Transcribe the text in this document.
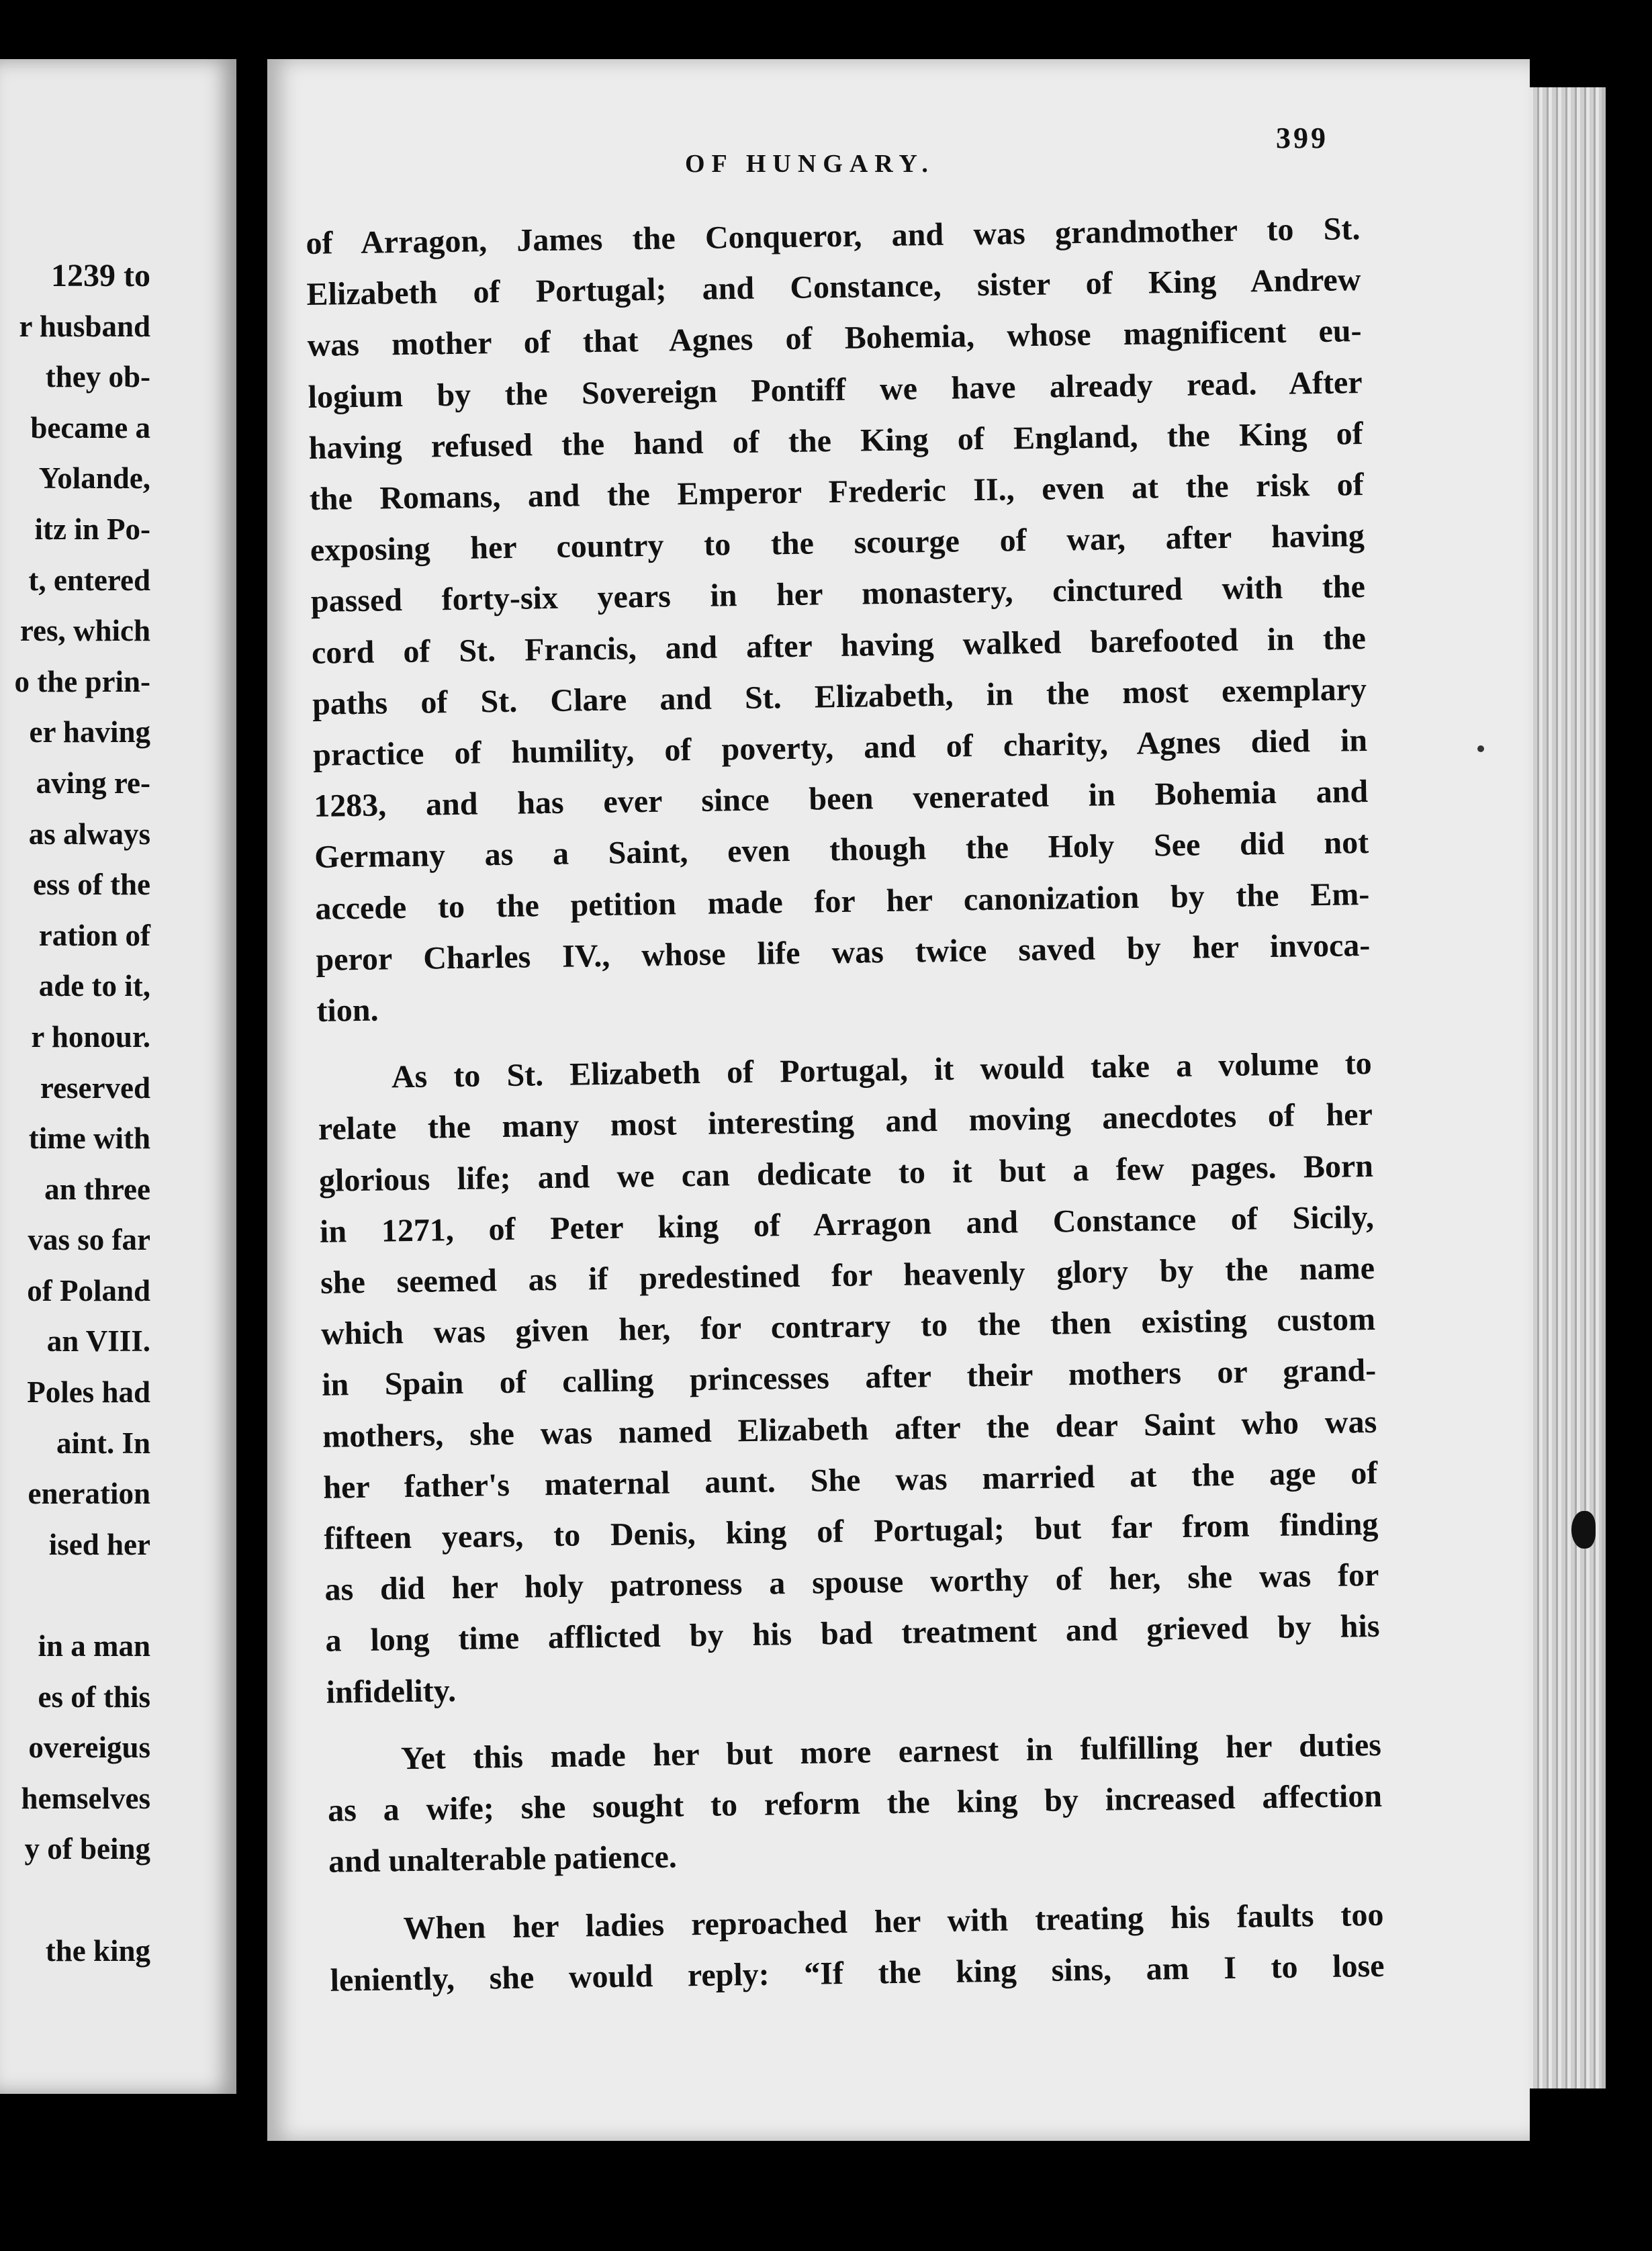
1239 to
r husband
they ob-
became a
Yolande,
itz in Po-
t, entered
res, which
o the prin-
er having
aving re-
as always
ess of the
ration of
ade to it,
r honour.
reserved
time with
an three
vas so far
of Poland
an VIII.
Poles had
aint. In
eneration
ised her
in a man
es of this
overeigus
hemselves
y of being
the king
OF HUNGARY.
399
of Arragon, James the Conqueror, and was grandmother to St.
Elizabeth of Portugal; and Constance, sister of King Andrew
was mother of that Agnes of Bohemia, whose magnificent eu-
logium by the Sovereign Pontiff we have already read. After
having refused the hand of the King of England, the King of
the Romans, and the Emperor Frederic II., even at the risk of
exposing her country to the scourge of war, after having
passed forty-six years in her monastery, cinctured with the
cord of St. Francis, and after having walked barefooted in the
paths of St. Clare and St. Elizabeth, in the most exemplary
practice of humility, of poverty, and of charity, Agnes died in
1283, and has ever since been venerated in Bohemia and
Germany as a Saint, even though the Holy See did not
accede to the petition made for her canonization by the Em-
peror Charles IV., whose life was twice saved by her invoca-
tion.
As to St. Elizabeth of Portugal, it would take a volume to
relate the many most interesting and moving anecdotes of her
glorious life; and we can dedicate to it but a few pages. Born
in 1271, of Peter king of Arragon and Constance of Sicily,
she seemed as if predestined for heavenly glory by the name
which was given her, for contrary to the then existing custom
in Spain of calling princesses after their mothers or grand-
mothers, she was named Elizabeth after the dear Saint who was
her father's maternal aunt. She was married at the age of
fifteen years, to Denis, king of Portugal; but far from finding
as did her holy patroness a spouse worthy of her, she was for
a long time afflicted by his bad treatment and grieved by his
infidelity.
Yet this made her but more earnest in fulfilling her duties
as a wife; she sought to reform the king by increased affection
and unalterable patience.
When her ladies reproached her with treating his faults too
leniently, she would reply: “If the king sins, am I to lose
